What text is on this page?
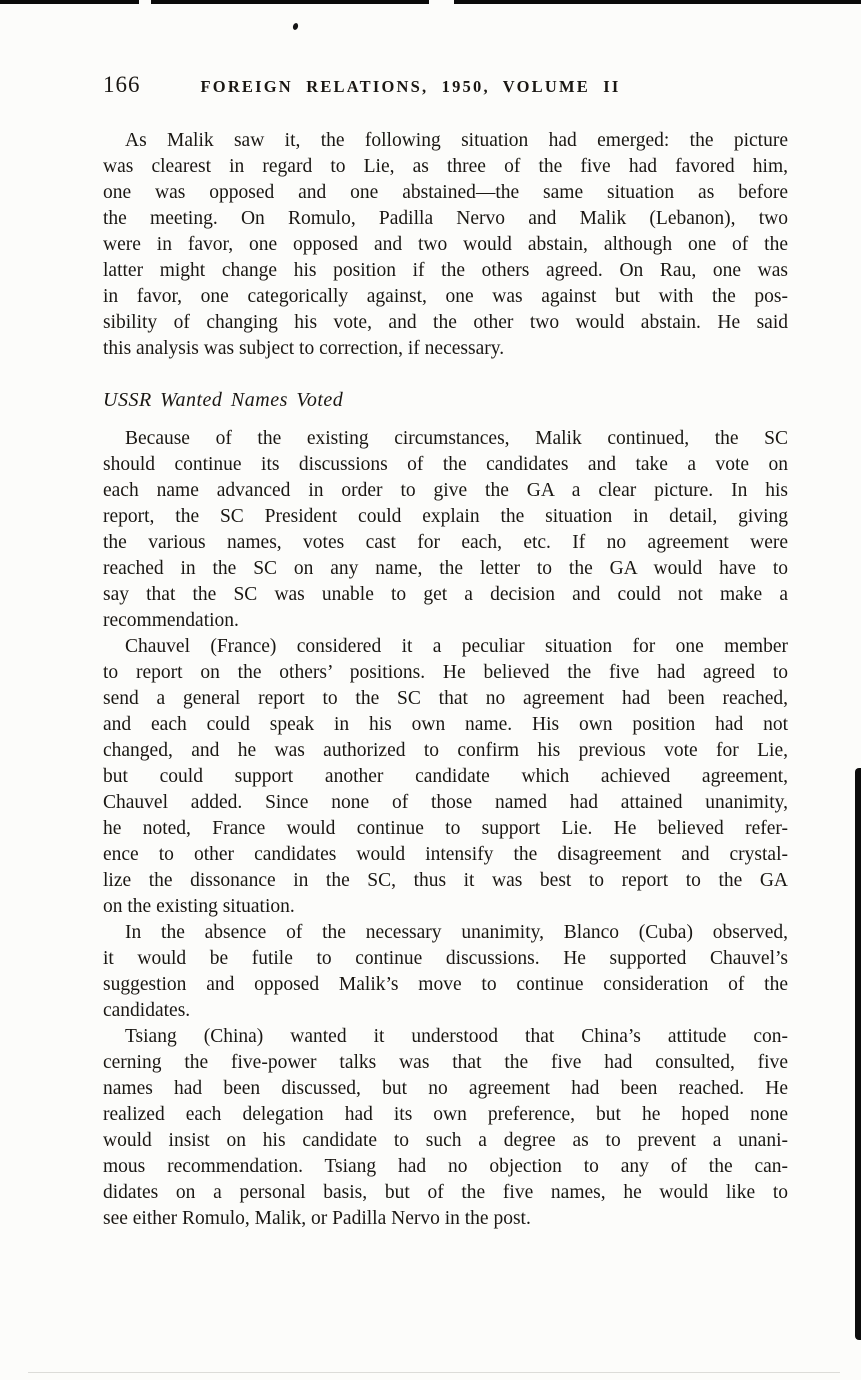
166	FOREIGN RELATIONS, 1950, VOLUME II
As Malik saw it, the following situation had emerged: the picture
was clearest in regard to Lie, as three of the five had favored him,
one was opposed and one abstained—the same situation as before
the meeting. On Romulo, Padilla Nervo and Malik (Lebanon), two
were in favor, one opposed and two would abstain, although one of the
latter might change his position if the others agreed. On Rau, one was
in favor, one categorically against, one was against but with the pos-
sibility of changing his vote, and the other two would abstain. He said
this analysis was subject to correction, if necessary.
USSR Wanted Names Voted
Because of the existing circumstances, Malik continued, the SC
should continue its discussions of the candidates and take a vote on
each name advanced in order to give the GA a clear picture. In his
report, the SC President could explain the situation in detail, giving
the various names, votes cast for each, etc. If no agreement were
reached in the SC on any name, the letter to the GA would have to
say that the SC was unable to get a decision and could not make a
recommendation.
Chauvel (France) considered it a peculiar situation for one member
to report on the others’ positions. He believed the five had agreed to
send a general report to the SC that no agreement had been reached,
and each could speak in his own name. His own position had not
changed, and he was authorized to confirm his previous vote for Lie,
but could support another candidate which achieved agreement,
Chauvel added. Since none of those named had attained unanimity,
he noted, France would continue to support Lie. He believed refer-
ence to other candidates would intensify the disagreement and crystal-
lize the dissonance in the SC, thus it was best to report to the GA
on the existing situation.
In the absence of the necessary unanimity, Blanco (Cuba) observed,
it would be futile to continue discussions. He supported Chauvel’s
suggestion and opposed Malik’s move to continue consideration of the
candidates.
Tsiang (China) wanted it understood that China’s attitude con-
cerning the five-power talks was that the five had consulted, five
names had been discussed, but no agreement had been reached. He
realized each delegation had its own preference, but he hoped none
would insist on his candidate to such a degree as to prevent a unani-
mous recommendation. Tsiang had no objection to any of the can-
didates on a personal basis, but of the five names, he would like to
see either Romulo, Malik, or Padilla Nervo in the post.
